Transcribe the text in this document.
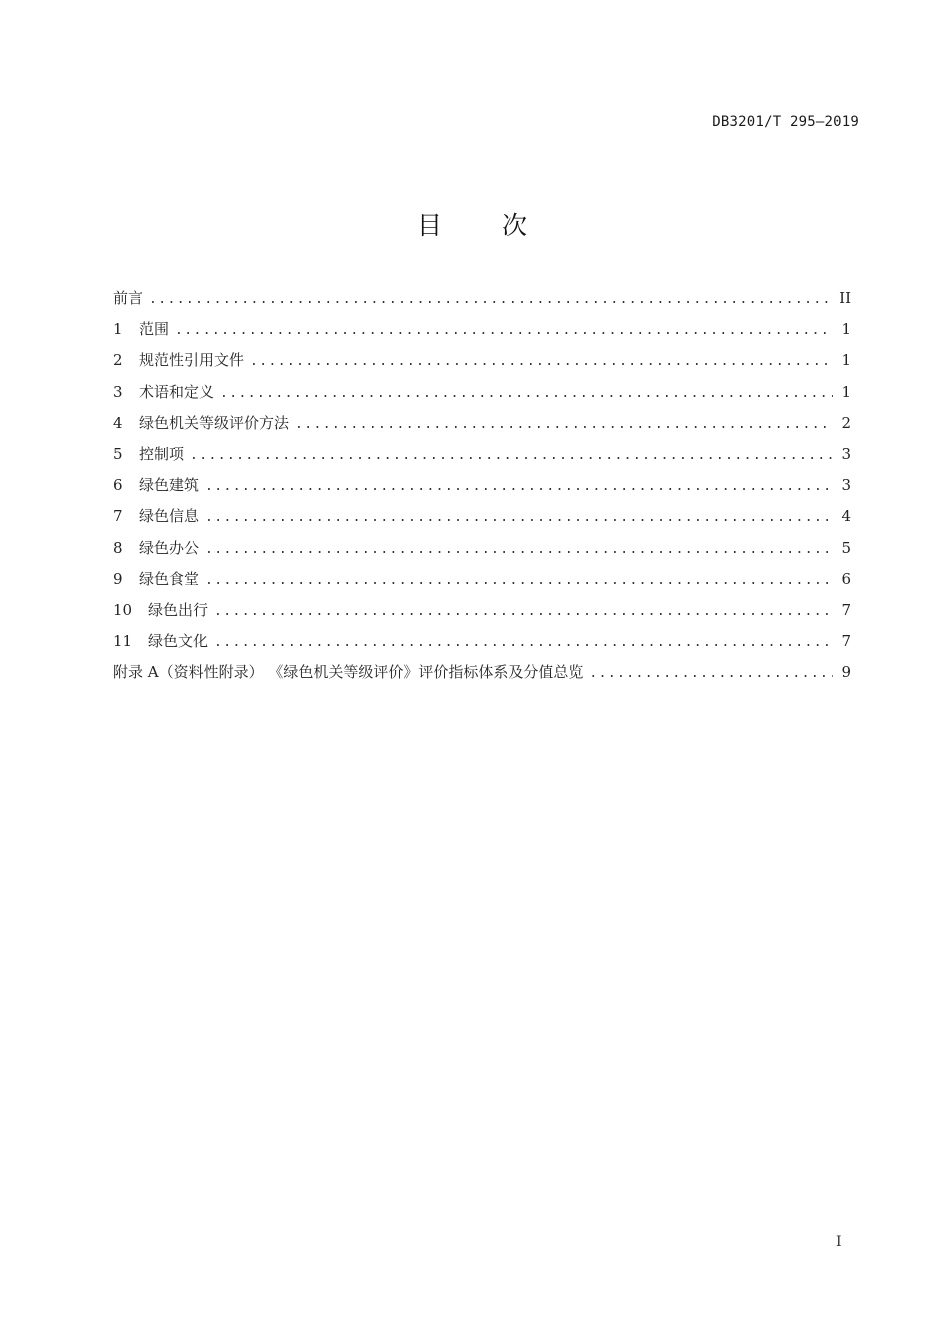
DB3201/T 295—2019
目 次
前言 .....	II
1	范围 .....	1
2	规范性引用文件 .....	1
3	术语和定义 .....	1
4	绿色机关等级评价方法 .....	2
5	控制项 .....	3
6	绿色建筑 .....	3
7	绿色信息 .....	4
8	绿色办公 .....	5
9	绿色食堂 .....	6
10	绿色出行 .....	7
11	绿色文化 .....	7
附录 A（资料性附录） 《绿色机关等级评价》评价指标体系及分值总览 .....	9
I
